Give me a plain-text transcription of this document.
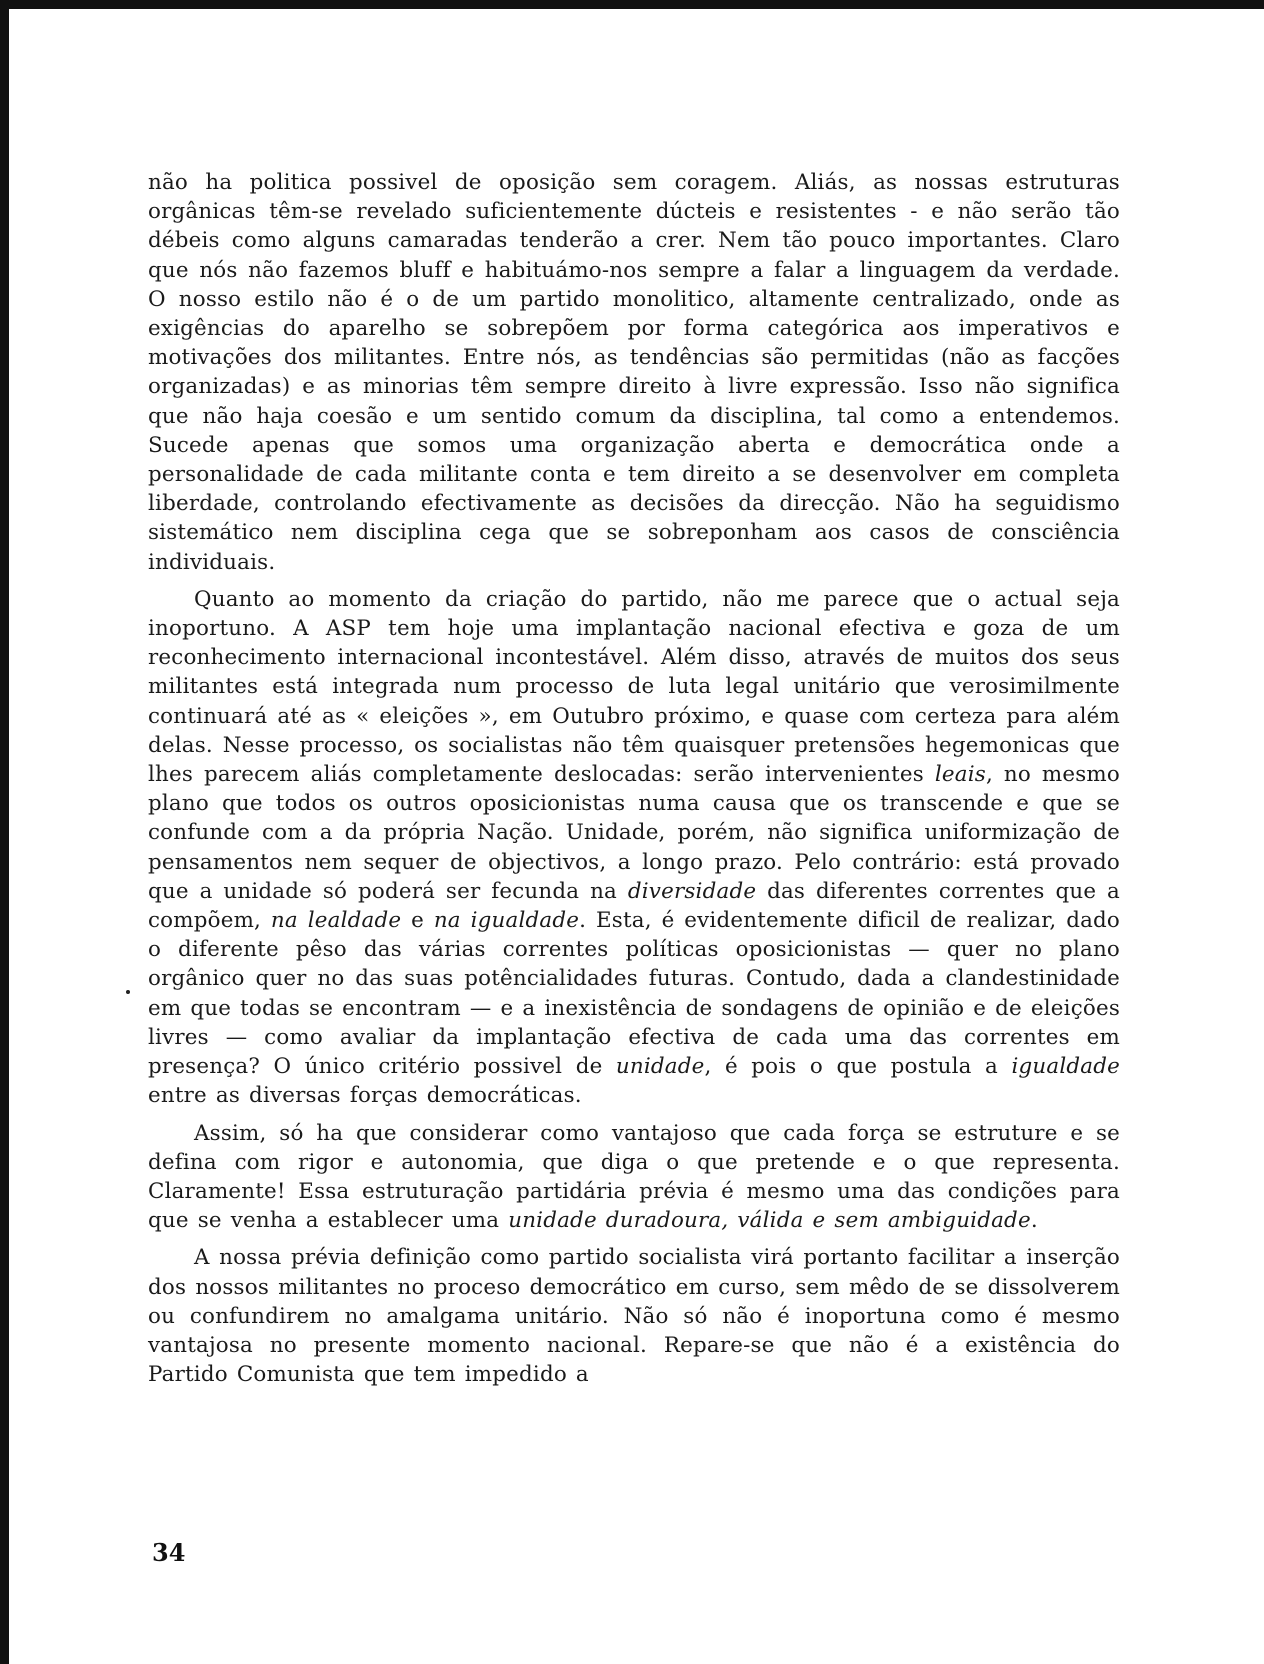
não ha politica possivel de oposição sem coragem. Aliás, as nossas estruturas orgânicas têm-se revelado suficientemente dúcteis e resistentes - e não serão tão débeis como alguns camaradas tenderão a crer. Nem tão pouco importantes. Claro que nós não fazemos bluff e habituámo-nos sempre a falar a linguagem da verdade. O nosso estilo não é o de um partido monolitico, altamente centralizado, onde as exigências do aparelho se sobrepõem por forma categórica aos imperativos e motivações dos militantes. Entre nós, as tendências são permitidas (não as facções organizadas) e as minorias têm sempre direito à livre expressão. Isso não significa que não haja coesão e um sentido comum da disciplina, tal como a entendemos. Sucede apenas que somos uma organização aberta e democrática onde a personalidade de cada militante conta e tem direito a se desenvolver em completa liberdade, controlando efectivamente as decisões da direcção. Não ha seguidismo sistemático nem disciplina cega que se sobreponham aos casos de consciência individuais.

Quanto ao momento da criação do partido, não me parece que o actual seja inoportuno. A ASP tem hoje uma implantação nacional efectiva e goza de um reconhecimento internacional incontestável. Além disso, através de muitos dos seus militantes está integrada num processo de luta legal unitário que verosimilmente continuará até as « eleições », em Outubro próximo, e quase com certeza para além delas. Nesse processo, os socialistas não têm quaisquer pretensões hegemonicas que lhes parecem aliás completamente deslocadas: serão intervenientes leais, no mesmo plano que todos os outros oposicionistas numa causa que os transcende e que se confunde com a da própria Nação. Unidade, porém, não significa uniformização de pensamentos nem sequer de objectivos, a longo prazo. Pelo contrário: está provado que a unidade só poderá ser fecunda na diversidade das diferentes correntes que a compõem, na lealdade e na igualdade. Esta, é evidentemente dificil de realizar, dado o diferente pêso das várias correntes políticas oposicionistas — quer no plano orgânico quer no das suas potêncialidades futuras. Contudo, dada a clandestinidade em que todas se encontram — e a inexistência de sondagens de opinião e de eleições livres — como avaliar da implantação efectiva de cada uma das correntes em presença? O único critério possivel de unidade, é pois o que postula a igualdade entre as diversas forças democráticas.

Assim, só ha que considerar como vantajoso que cada força se estruture e se defina com rigor e autonomia, que diga o que pretende e o que representa. Claramente! Essa estruturação partidária prévia é mesmo uma das condições para que se venha a establecer uma unidade duradoura, válida e sem ambiguidade.

A nossa prévia definição como partido socialista virá portanto facilitar a inserção dos nossos militantes no proceso democrático em curso, sem mêdo de se dissolverem ou confundirem no amalgama unitário. Não só não é inoportuna como é mesmo vantajosa no presente momento nacional. Repare-se que não é a existência do Partido Comunista que tem impedido a

34
